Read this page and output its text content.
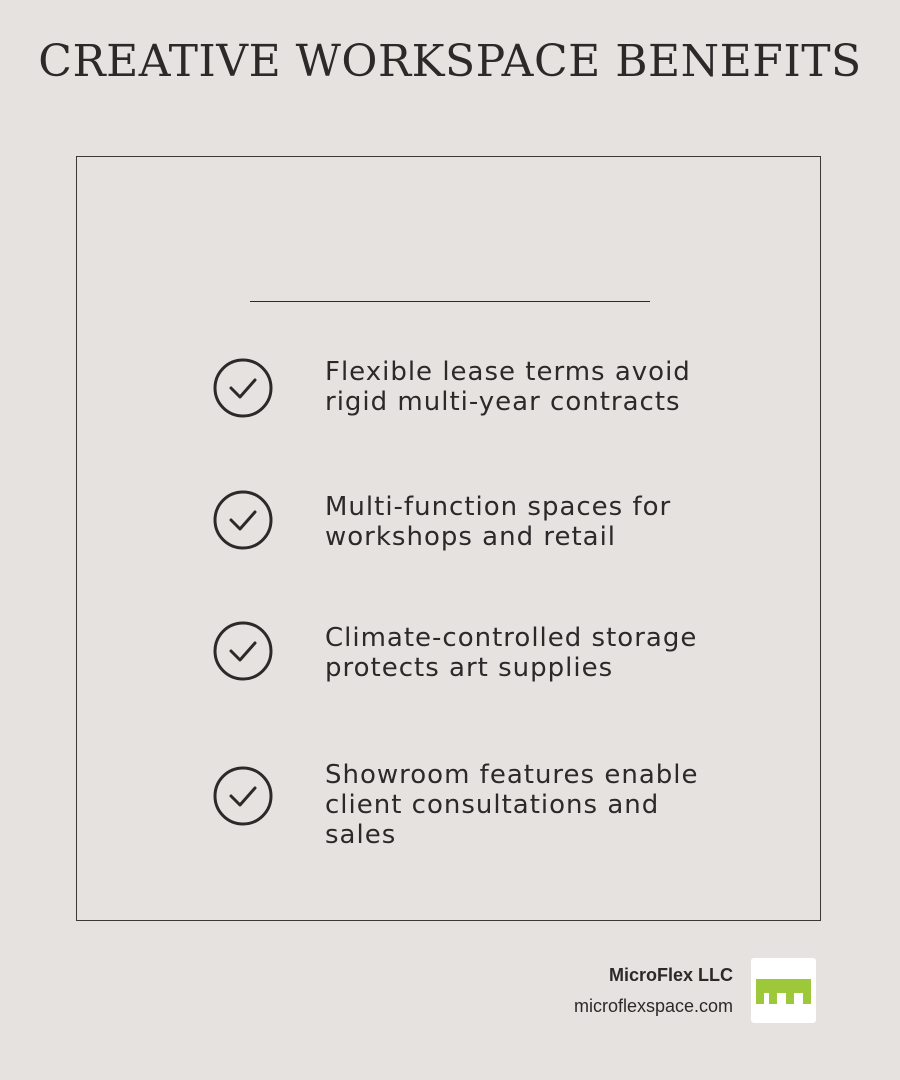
CREATIVE WORKSPACE BENEFITS
Flexible lease terms avoid
rigid multi-year contracts
Multi-function spaces for
workshops and retail
Climate-controlled storage
protects art supplies
Showroom features enable
client consultations and
sales
MicroFlex LLC
microflexspace.com
